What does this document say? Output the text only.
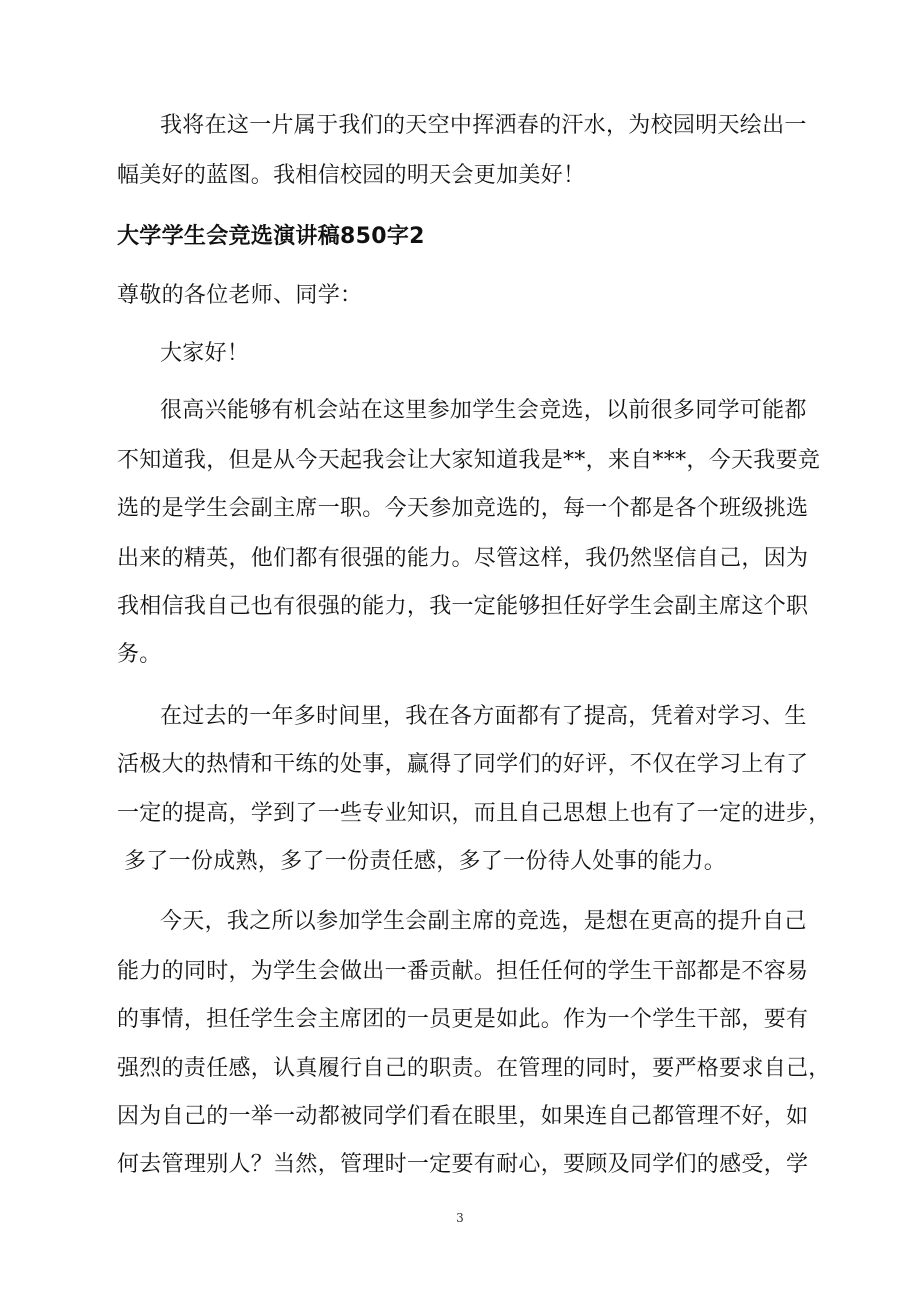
我将在这一片属于我们的天空中挥洒春的汗水，为校园明天绘出一
幅美好的蓝图。我相信校园的明天会更加美好！
大学学生会竞选演讲稿850字2
尊敬的各位老师、同学：
大家好！
很高兴能够有机会站在这里参加学生会竞选，以前很多同学可能都
不知道我，但是从今天起我会让大家知道我是**，来自***，今天我要竞
选的是学生会副主席一职。今天参加竞选的，每一个都是各个班级挑选
出来的精英，他们都有很强的能力。尽管这样，我仍然坚信自己，因为
我相信我自己也有很强的能力，我一定能够担任好学生会副主席这个职
务。
在过去的一年多时间里，我在各方面都有了提高，凭着对学习、生
活极大的热情和干练的处事，赢得了同学们的好评，不仅在学习上有了
一定的提高，学到了一些专业知识，而且自己思想上也有了一定的进步，
多了一份成熟，多了一份责任感，多了一份待人处事的能力。
今天，我之所以参加学生会副主席的竞选，是想在更高的提升自己
能力的同时，为学生会做出一番贡献。担任任何的学生干部都是不容易
的事情，担任学生会主席团的一员更是如此。作为一个学生干部，要有
强烈的责任感，认真履行自己的职责。在管理的同时，要严格要求自己，
因为自己的一举一动都被同学们看在眼里，如果连自己都管理不好，如
何去管理别人？当然，管理时一定要有耐心，要顾及同学们的感受，学
3
